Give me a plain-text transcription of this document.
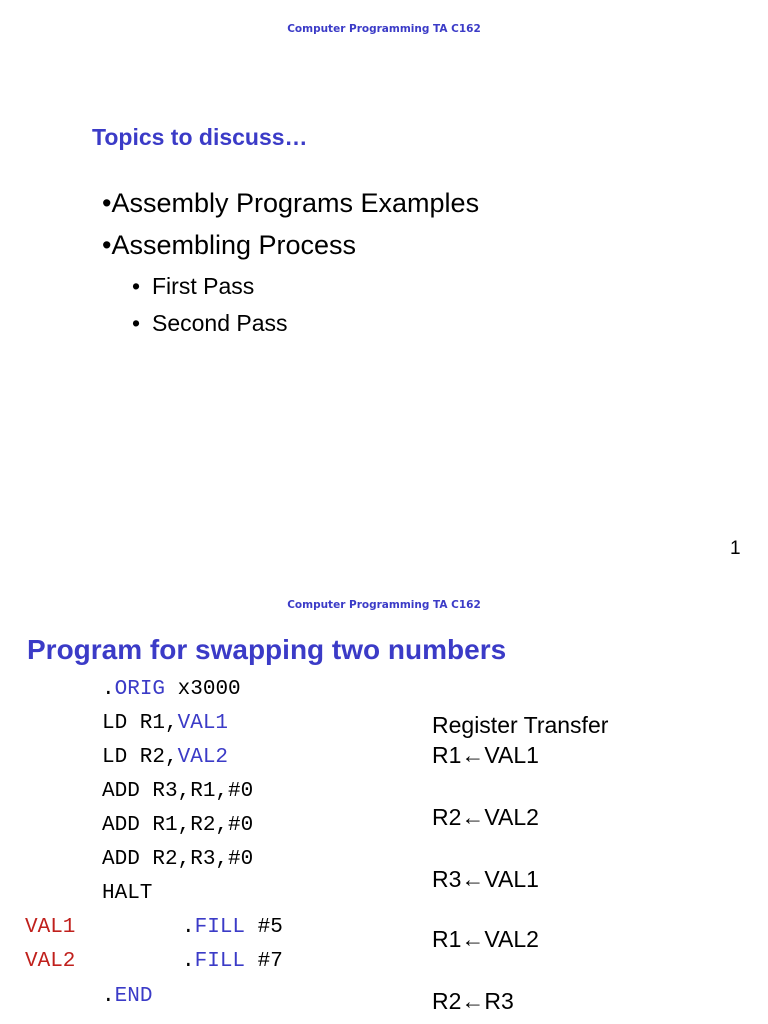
Computer Programming TA C162
Topics to discuss…
•Assembly Programs Examples
•Assembling Process
• First Pass
• Second Pass
1
Computer Programming TA C162
Program for swapping two numbers
.ORIG x3000
LD R1,VAL1
LD R2,VAL2
ADD R3,R1,#0
ADD R1,R2,#0
ADD R2,R3,#0
HALT
VAL1	.FILL #5
VAL2	.FILL #7
.END
Register Transfer
R1←VAL1
R2←VAL2
R3←VAL1
R1←VAL2
R2←R3
